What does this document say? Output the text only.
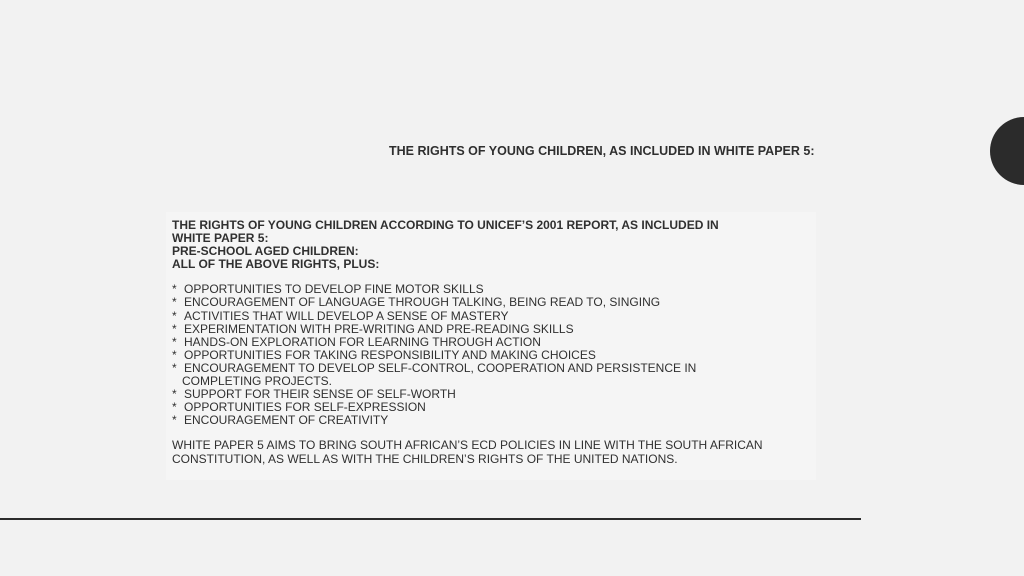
THE RIGHTS OF YOUNG CHILDREN, AS INCLUDED IN WHITE PAPER 5:
THE RIGHTS OF YOUNG CHILDREN ACCORDING TO UNICEF’S 2001 REPORT, AS INCLUDED IN
WHITE PAPER 5:
PRE-SCHOOL AGED CHILDREN:
ALL OF THE ABOVE RIGHTS, PLUS:
* OPPORTUNITIES TO DEVELOP FINE MOTOR SKILLS
* ENCOURAGEMENT OF LANGUAGE THROUGH TALKING, BEING READ TO, SINGING
* ACTIVITIES THAT WILL DEVELOP A SENSE OF MASTERY
* EXPERIMENTATION WITH PRE-WRITING AND PRE-READING SKILLS
* HANDS-ON EXPLORATION FOR LEARNING THROUGH ACTION
* OPPORTUNITIES FOR TAKING RESPONSIBILITY AND MAKING CHOICES
* ENCOURAGEMENT TO DEVELOP SELF-CONTROL, COOPERATION AND PERSISTENCE IN
COMPLETING PROJECTS.
* SUPPORT FOR THEIR SENSE OF SELF-WORTH
* OPPORTUNITIES FOR SELF-EXPRESSION
* ENCOURAGEMENT OF CREATIVITY
WHITE PAPER 5 AIMS TO BRING SOUTH AFRICAN’S ECD POLICIES IN LINE WITH THE SOUTH AFRICAN
CONSTITUTION, AS WELL AS WITH THE CHILDREN’S RIGHTS OF THE UNITED NATIONS.
